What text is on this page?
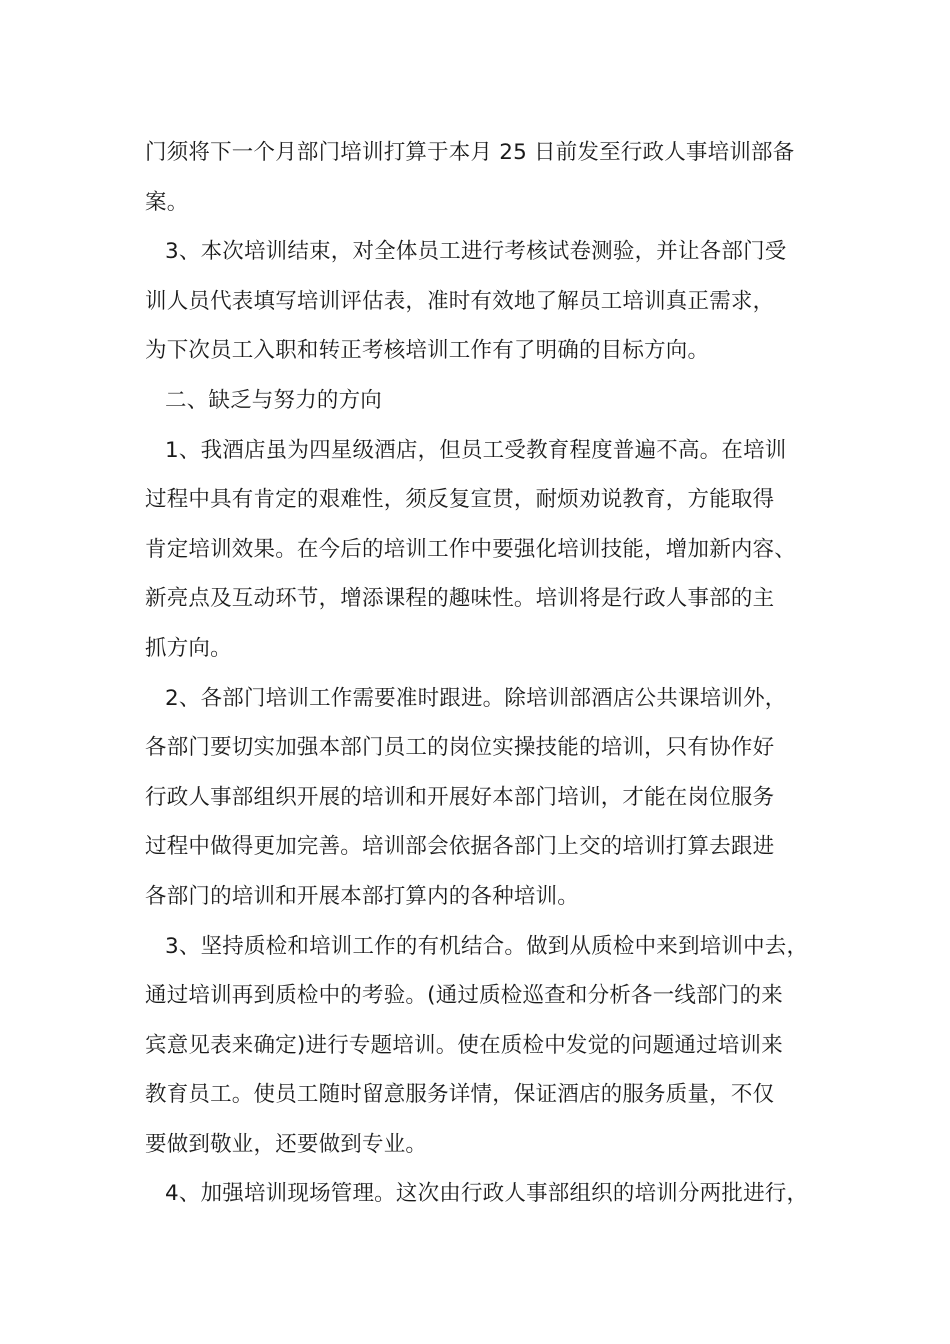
门须将下一个月部门培训打算于本月 25 日前发至行政人事培训部备
案。
3、本次培训结束，对全体员工进行考核试卷测验，并让各部门受
训人员代表填写培训评估表，准时有效地了解员工培训真正需求，
为下次员工入职和转正考核培训工作有了明确的目标方向。
二、缺乏与努力的方向
1、我酒店虽为四星级酒店，但员工受教育程度普遍不高。在培训
过程中具有肯定的艰难性，须反复宣贯，耐烦劝说教育，方能取得
肯定培训效果。在今后的培训工作中要强化培训技能，增加新内容、
新亮点及互动环节，增添课程的趣味性。培训将是行政人事部的主
抓方向。
2、各部门培训工作需要准时跟进。除培训部酒店公共课培训外，
各部门要切实加强本部门员工的岗位实操技能的培训，只有协作好
行政人事部组织开展的培训和开展好本部门培训，才能在岗位服务
过程中做得更加完善。培训部会依据各部门上交的培训打算去跟进
各部门的培训和开展本部打算内的各种培训。
3、坚持质检和培训工作的有机结合。做到从质检中来到培训中去，
通过培训再到质检中的考验。(通过质检巡查和分析各一线部门的来
宾意见表来确定)进行专题培训。使在质检中发觉的问题通过培训来
教育员工。使员工随时留意服务详情，保证酒店的服务质量，不仅
要做到敬业，还要做到专业。
4、加强培训现场管理。这次由行政人事部组织的培训分两批进行，
